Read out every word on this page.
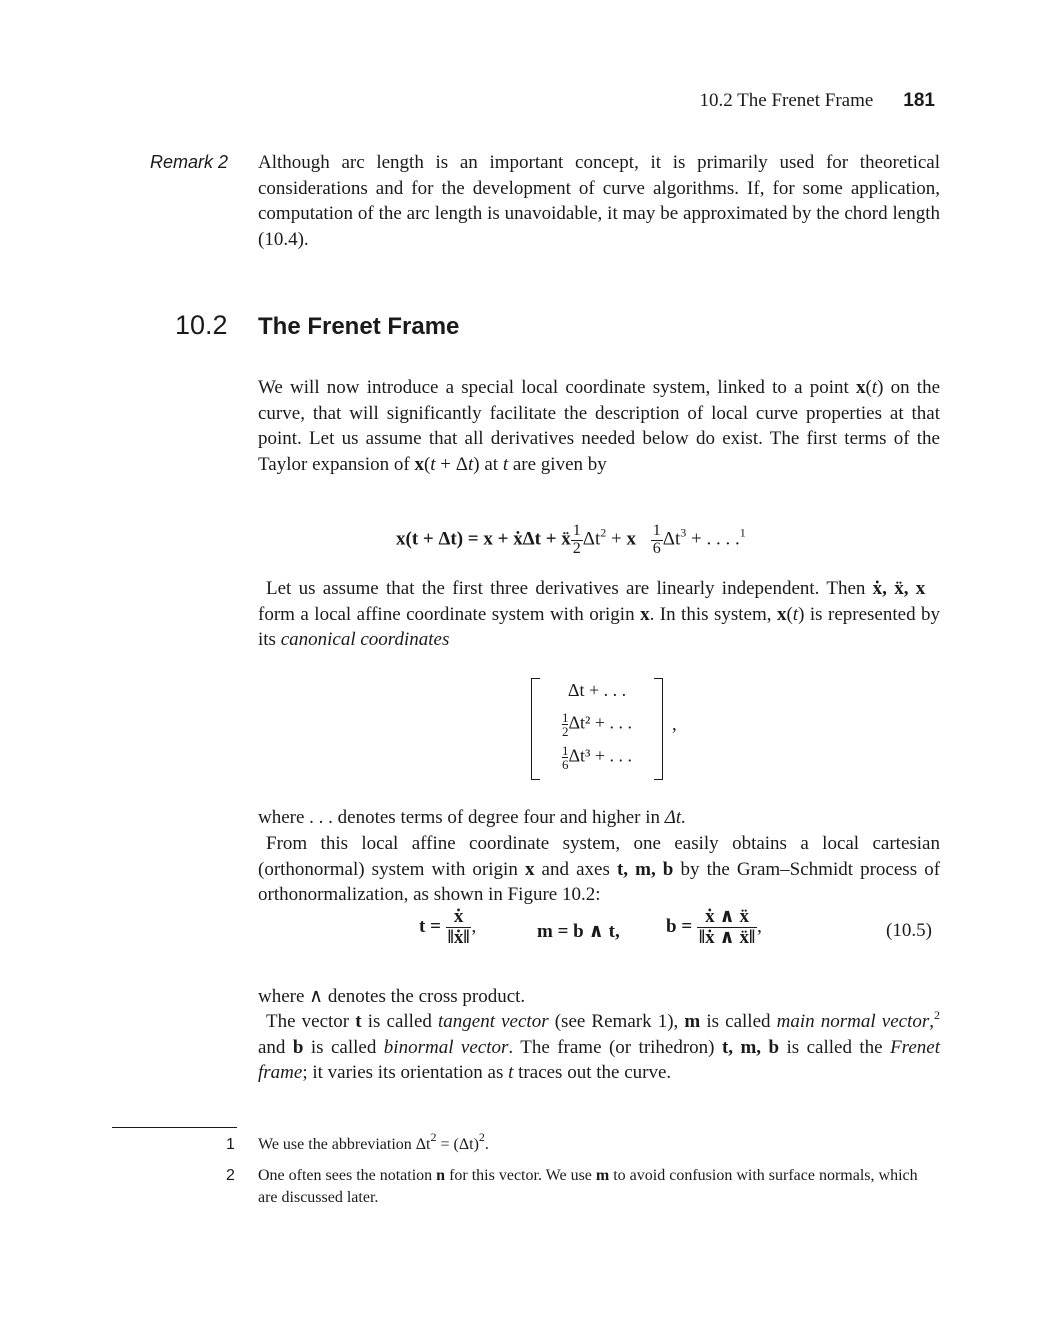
10.2 The Frenet Frame 181
Remark 2 Although arc length is an important concept, it is primarily used for theoretical considerations and for the development of curve algorithms. If, for some application, computation of the arc length is unavoidable, it may be approximated by the chord length (10.4).
10.2 The Frenet Frame

We will now introduce a special local coordinate system, linked to a point x(t) on the curve, that will significantly facilitate the description of local curve properties at that point. Let us assume that all derivatives needed below do exist. The first terms of the Taylor expansion of x(t + Δt) at t are given by

x(t + Δt) = x + ẋΔt + ẍ $\frac{1}{2} \Delta t^2$ + x⃛ $\frac{1}{6} \Delta t^3$ + . . . .$^1$

Let us assume that the first three derivatives are linearly independent. Then ẋ, ẍ, x⃛ form a local affine coordinate system with origin x. In this system, x(t) is represented by its canonical coordinates

Δt + . . .
$\frac{1}{2} \Delta t^2$ + . . .
$\frac{1}{6} \Delta t^3$ + . . .
,

where . . . denotes terms of degree four and higher in Δt.

From this local affine coordinate system, one easily obtains a local cartesian (orthonormal) system with origin x and axes t, m, b by the Gram–Schmidt process of orthonormalization, as shown in Figure 10.2:

$t = \frac{\text{ẋ}}{\text{‖ẋ‖}}$ ,	m = b ∧ t, $b = \frac{\text{ẋ ∧ ẍ}}{\text{‖ẋ ∧ ẍ‖}}$ ,	(10.5)

where ∧ denotes the cross product.

The vector t is called tangent vector (see Remark 1), m is called main normal vector,$^2$ and b is called binormal vector. The frame (or trihedron) t, m, b is called the Frenet frame; it varies its orientation as t traces out the curve.

1 We use the abbreviation $\Delta t^2 = (\Delta t)^2$.
2 One often sees the notation n for this vector. We use m to avoid confusion with surface normals, which are discussed later.
